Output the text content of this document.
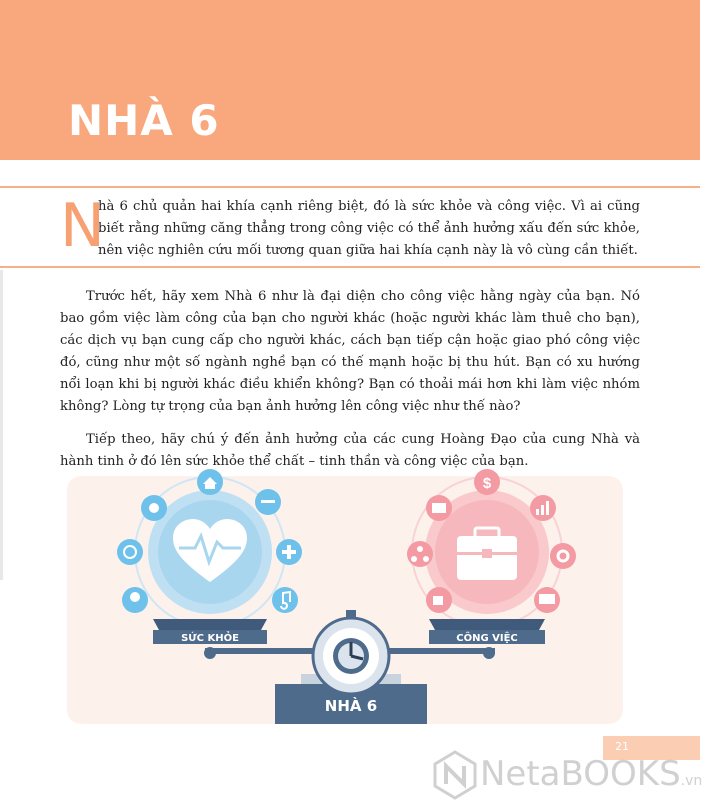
NHÀ 6
N

hà 6 chủ quản hai khía cạnh riêng biệt, đó là sức khỏe và công việc. Vì ai cũng biết rằng những căng thẳng trong công việc có thể ảnh hưởng xấu đến sức khỏe, nên việc nghiên cứu mối tương quan giữa hai khía cạnh này là vô cùng cần thiết.

Trước hết, hãy xem Nhà 6 như là đại diện cho công việc hằng ngày của bạn. Nó bao gồm việc làm công của bạn cho người khác (hoặc người khác làm thuê cho bạn), các dịch vụ bạn cung cấp cho người khác, cách bạn tiếp cận hoặc giao phó công việc đó, cũng như một số ngành nghề bạn có thế mạnh hoặc bị thu hút. Bạn có xu hướng nổi loạn khi bị người khác điều khiển không? Bạn có thoải mái hơn khi làm việc nhóm không? Lòng tự trọng của bạn ảnh hưởng lên công việc như thế nào?

Tiếp theo, hãy chú ý đến ảnh hưởng của các cung Hoàng Đạo của cung Nhà và hành tinh ở đó lên sức khỏe thể chất – tinh thần và công việc của bạn.

$
SỨC KHỎE	CÔNG VIỆC
NHÀ 6
21
NetaBOOKS.vn
